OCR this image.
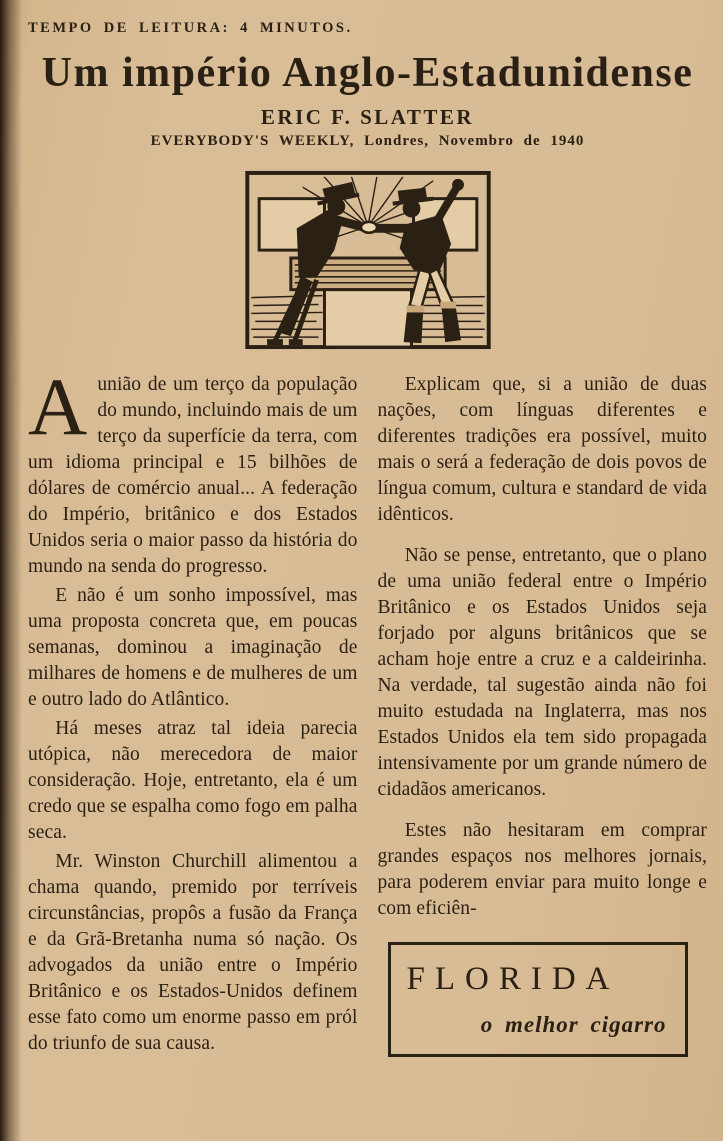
TEMPO DE LEITURA: 4 MINUTOS.
Um império Anglo-Estadunidense
ERIC F. SLATTER
EVERYBODY'S WEEKLY, Londres, Novembro de 1940

Aunião de um terço da população do mundo, incluindo mais de um terço da superfície da terra, com um idioma principal e 15 bilhões de dólares de comércio anual... A federação do Império, britânico e dos Estados Unidos seria o maior passo da história do mundo na senda do progresso.

E não é um sonho impossível, mas uma proposta concreta que, em poucas semanas, dominou a imaginação de milhares de homens e de mulheres de um e outro lado do Atlântico.

Há meses atraz tal ideia parecia utópica, não merecedora de maior consideração. Hoje, entretanto, ela é um credo que se espalha como fogo em palha seca.

Mr. Winston Churchill alimentou a chama quando, premido por terríveis circunstâncias, propôs a fusão da França e da Grã-Bretanha numa só nação. Os advogados da união entre o Império Britânico e os Estados-Unidos definem esse fato como um enorme passo em pról do triunfo de sua causa.

Explicam que, si a união de duas nações, com línguas diferentes e diferentes tradições era possível, muito mais o será a federação de dois povos de língua comum, cultura e standard de vida idênticos.

Não se pense, entretanto, que o plano de uma união federal entre o Império Britânico e os Estados Unidos seja forjado por alguns britânicos que se acham hoje entre a cruz e a caldeirinha. Na verdade, tal sugestão ainda não foi muito estudada na Inglaterra, mas nos Estados Unidos ela tem sido propagada intensivamente por um grande número de cidadãos americanos.

Estes não hesitaram em comprar grandes espaços nos melhores jornais, para poderem enviar para muito longe e com eficiên-

FLORIDA
o melhor cigarro
